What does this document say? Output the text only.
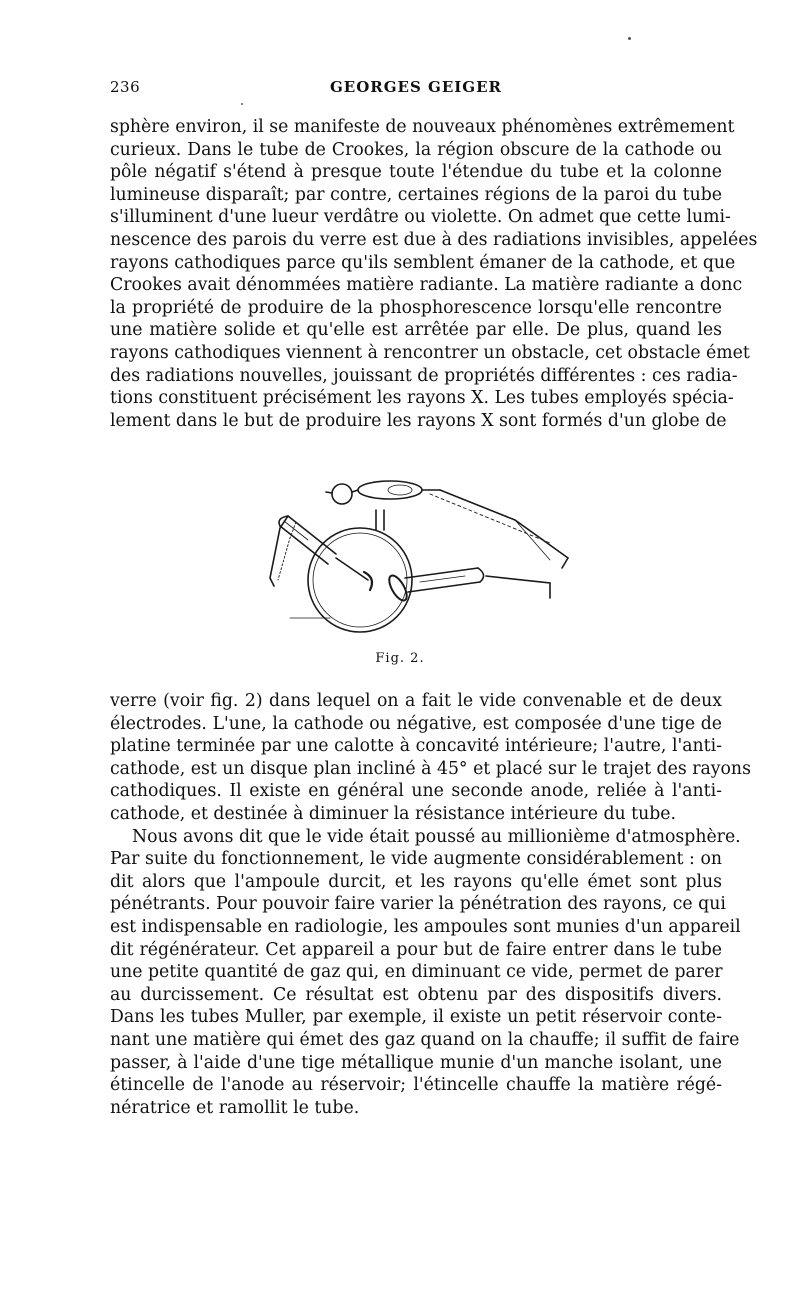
236	GEORGES GEIGER

sphère environ, il se manifeste de nouveaux phénomènes extrêmement
curieux. Dans le tube de Crookes, la région obscure de la cathode ou
pôle négatif s'étend à presque toute l'étendue du tube et la colonne
lumineuse disparaît; par contre, certaines régions de la paroi du tube
s'illuminent d'une lueur verdâtre ou violette. On admet que cette lumi-
nescence des parois du verre est due à des radiations invisibles, appelées
rayons cathodiques parce qu'ils semblent émaner de la cathode, et que
Crookes avait dénommées matière radiante. La matière radiante a donc
la propriété de produire de la phosphorescence lorsqu'elle rencontre
une matière solide et qu'elle est arrêtée par elle. De plus, quand les
rayons cathodiques viennent à rencontrer un obstacle, cet obstacle émet
des radiations nouvelles, jouissant de propriétés différentes : ces radia-
tions constituent précisément les rayons X. Les tubes employés spécia-
lement dans le but de produire les rayons X sont formés d'un globe de

Fig. 2.

verre (voir fig. 2) dans lequel on a fait le vide convenable et de deux
électrodes. L'une, la cathode ou négative, est composée d'une tige de
platine terminée par une calotte à concavité intérieure; l'autre, l'anti-
cathode, est un disque plan incliné à 45° et placé sur le trajet des rayons
cathodiques. Il existe en général une seconde anode, reliée à l'anti-
cathode, et destinée à diminuer la résistance intérieure du tube.

Nous avons dit que le vide était poussé au millionième d'atmosphère.
Par suite du fonctionnement, le vide augmente considérablement : on
dit alors que l'ampoule durcit, et les rayons qu'elle émet sont plus
pénétrants. Pour pouvoir faire varier la pénétration des rayons, ce qui
est indispensable en radiologie, les ampoules sont munies d'un appareil
dit régénérateur. Cet appareil a pour but de faire entrer dans le tube
une petite quantité de gaz qui, en diminuant ce vide, permet de parer
au durcissement. Ce résultat est obtenu par des dispositifs divers.
Dans les tubes Muller, par exemple, il existe un petit réservoir conte-
nant une matière qui émet des gaz quand on la chauffe; il suffit de faire
passer, à l'aide d'une tige métallique munie d'un manche isolant, une
étincelle de l'anode au réservoir; l'étincelle chauffe la matière régé-
nératrice et ramollit le tube.
